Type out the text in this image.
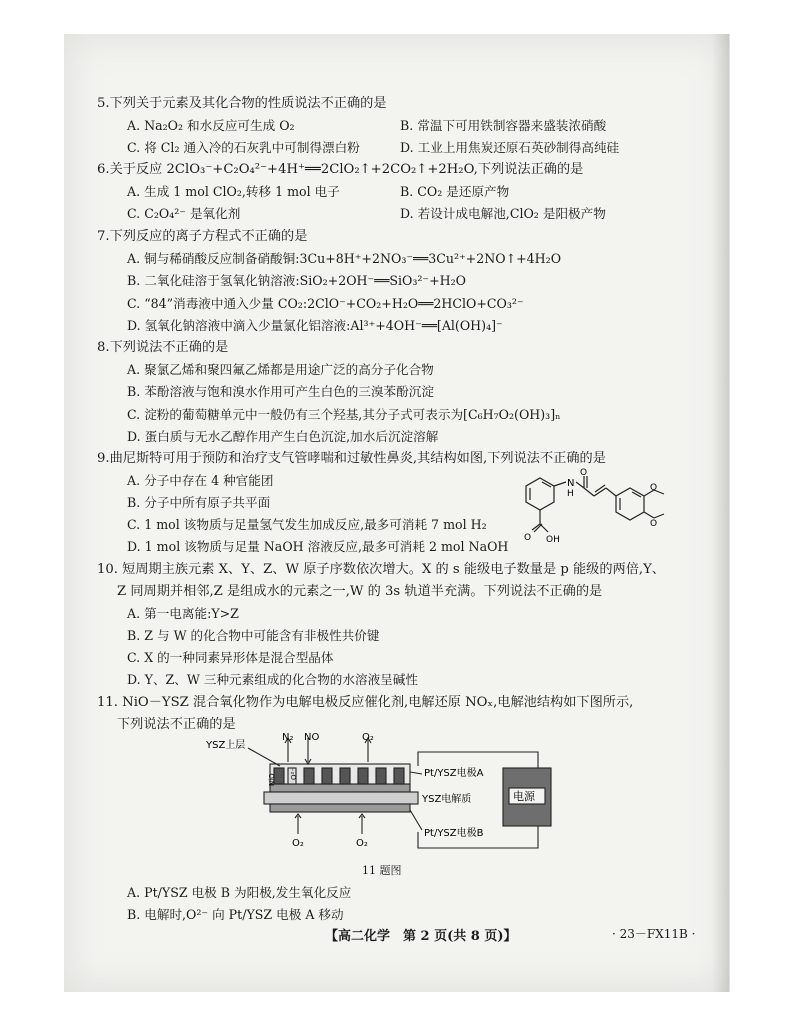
5.下列关于元素及其化合物的性质说法不正确的是
A. Na₂O₂ 和水反应可生成 O₂	B. 常温下可用铁制容器来盛装浓硝酸
C. 将 Cl₂ 通入冷的石灰乳中可制得漂白粉	D. 工业上用焦炭还原石英砂制得高纯硅
6.关于反应 2ClO₃⁻+C₂O₄²⁻+4H⁺══2ClO₂↑+2CO₂↑+2H₂O,下列说法正确的是
A. 生成 1 mol ClO₂,转移 1 mol 电子	B. CO₂ 是还原产物
C. C₂O₄²⁻ 是氧化剂	D. 若设计成电解池,ClO₂ 是阳极产物
7.下列反应的离子方程式不正确的是
A. 铜与稀硝酸反应制备硝酸铜:3Cu+8H⁺+2NO₃⁻══3Cu²⁺+2NO↑+4H₂O
B. 二氧化硅溶于氢氧化钠溶液:SiO₂+2OH⁻══SiO₃²⁻+H₂O
C. “84”消毒液中通入少量 CO₂:2ClO⁻+CO₂+H₂O══2HClO+CO₃²⁻
D. 氢氧化钠溶液中滴入少量氯化铝溶液:Al³⁺+4OH⁻══[Al(OH)₄]⁻
8.下列说法不正确的是
A. 聚氯乙烯和聚四氟乙烯都是用途广泛的高分子化合物
B. 苯酚溶液与饱和溴水作用可产生白色的三溴苯酚沉淀
C. 淀粉的葡萄糖单元中一般仍有三个羟基,其分子式可表示为[C₆H₇O₂(OH)₃]ₙ
D. 蛋白质与无水乙醇作用产生白色沉淀,加水后沉淀溶解
9.曲尼斯特可用于预防和治疗支气管哮喘和过敏性鼻炎,其结构如图,下列说法不正确的是
A. 分子中存在 4 种官能团
B. 分子中所有原子共平面
C. 1 mol 该物质与足量氢气发生加成反应,最多可消耗 7 mol H₂
D. 1 mol 该物质与足量 NaOH 溶液反应,最多可消耗 2 mol NaOH
N
H
O
O
O
O OH
10. 短周期主族元素 X、Y、Z、W 原子序数依次增大。X 的 s 能级电子数量是 p 能级的两倍,Y、
Z 同周期并相邻,Z 是组成水的元素之一,W 的 3s 轨道半充满。下列说法不正确的是
A. 第一电离能:Y>Z
B. Z 与 W 的化合物中可能含有非极性共价键
C. X 的一种同素异形体是混合型晶体
D. Y、Z、W 三种元素组成的化合物的水溶液呈碱性
11. NiO－YSZ 混合氧化物作为电解电极反应催化剂,电解还原 NOₓ,电解池结构如下图所示,
下列说法不正确的是
YSZ上层
N₂ NO	O₂
Pt/YSZ电极A
YSZ电解质
Pt/YSZ电极B
电源
O₂	O₂
NiO O²⁻
11 题图
A. Pt/YSZ 电极 B 为阳极,发生氧化反应
B. 电解时,O²⁻ 向 Pt/YSZ 电极 A 移动
【高二化学　第 2 页(共 8 页)】	· 23－FX11B ·
